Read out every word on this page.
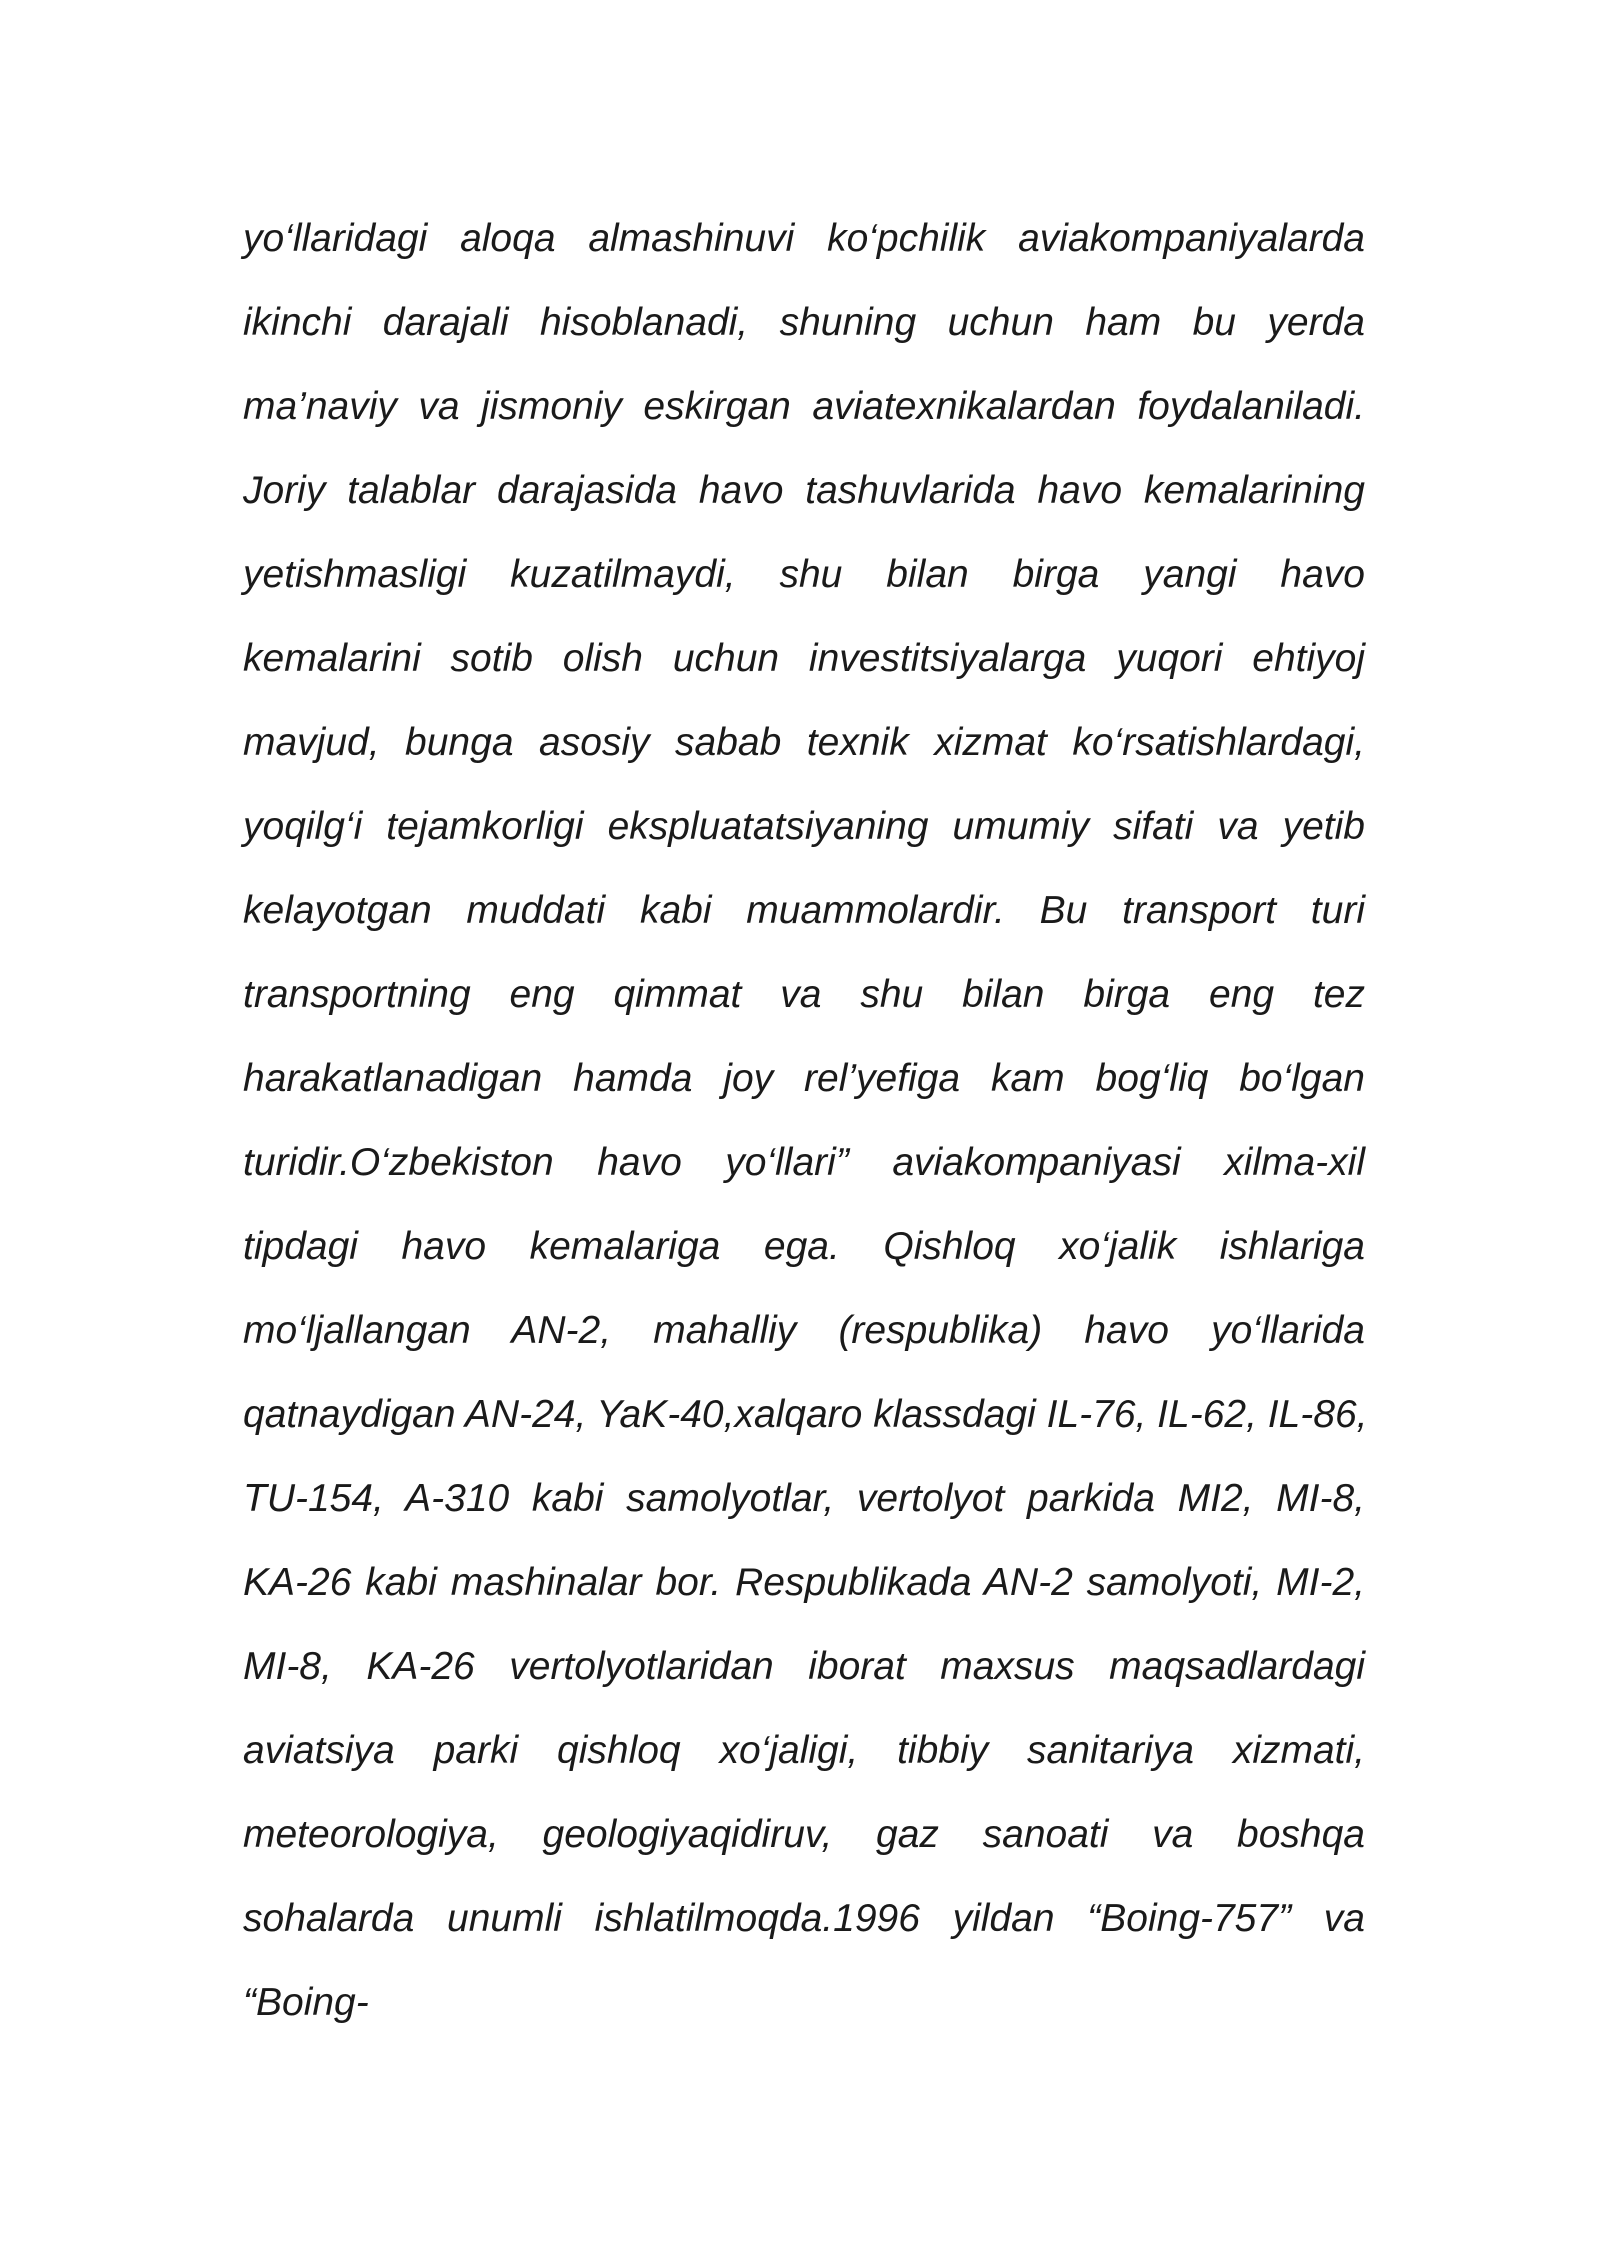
yo‘llaridagi aloqa almashinuvi ko‘pchilik aviakompaniyalarda
ikinchi darajali hisoblanadi, shuning uchun ham bu yerda
ma’naviy va jismoniy eskirgan aviatexnikalardan foydalaniladi.
Joriy talablar darajasida havo tashuvlarida havo kemalarining
yetishmasligi kuzatilmaydi, shu bilan birga yangi havo
kemalarini sotib olish uchun investitsiyalarga yuqori ehtiyoj
mavjud, bunga asosiy sabab texnik xizmat ko‘rsatishlardagi,
yoqilg‘i tejamkorligi ekspluatatsiyaning umumiy sifati va yetib
kelayotgan muddati kabi muammolardir. Bu transport turi
transportning eng qimmat va shu bilan birga eng tez
harakatlanadigan hamda joy rel’yefiga kam bog‘liq bo‘lgan
turidir.O‘zbekiston havo yo‘llari” aviakompaniyasi xilma-xil
tipdagi havo kemalariga ega. Qishloq xo‘jalik ishlariga
mo‘ljallangan AN-2, mahalliy (respublika) havo yo‘llarida
qatnaydigan AN-24, YaK-40,xalqaro klassdagi IL-76, IL-62, IL-86,
TU-154, A-310 kabi samolyotlar, vertolyot parkida MI2, MI-8,
KA-26 kabi mashinalar bor. Respublikada AN-2 samolyoti, MI-2,
MI-8, KA-26 vertolyotlaridan iborat maxsus maqsadlardagi
aviatsiya parki qishloq xo‘jaligi, tibbiy sanitariya xizmati,
meteorologiya, geologiyaqidiruv, gaz sanoati va boshqa
sohalarda unumli ishlatilmoqda.1996 yildan “Boing-757” va
“Boing-
